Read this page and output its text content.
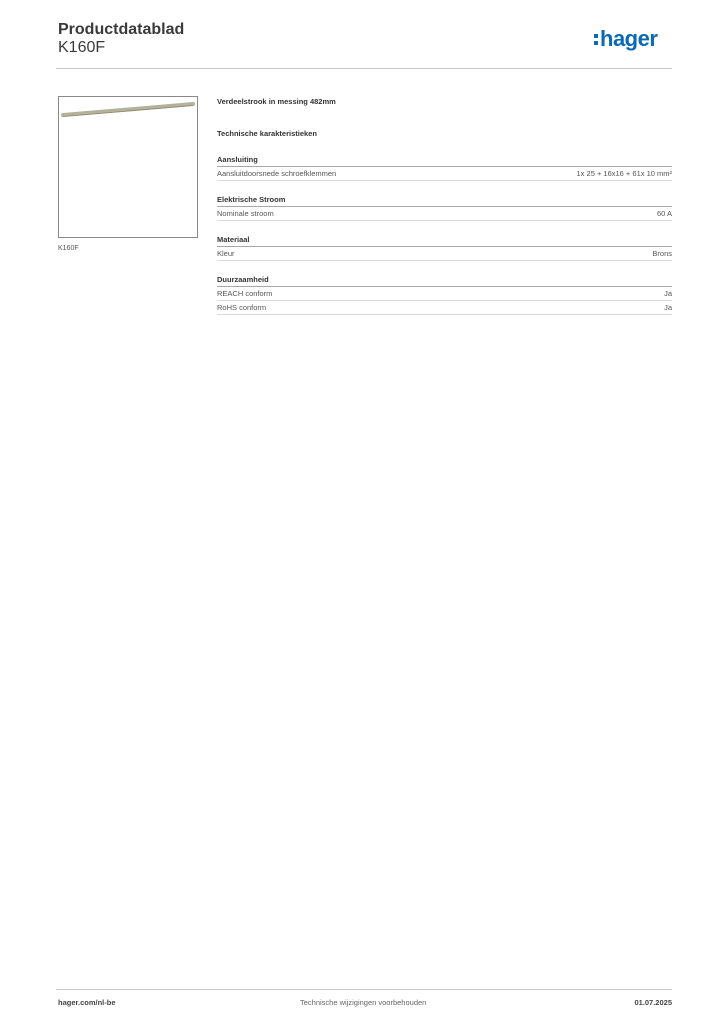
Productdatablad
K160F	hager
K160F
Verdeelstrook in messing 482mm
Technische karakteristieken
Aansluiting
Aansluitdoorsnede schroefklemmen	1x 25 + 16x16 + 61x 10 mm²
Elektrische Stroom
Nominale stroom	60 A
Materiaal
Kleur	Brons
Duurzaamheid
REACH conform	Ja
RoHS conform	Ja
hager.com/nl-be	Technische wijzigingen voorbehouden	01.07.2025
